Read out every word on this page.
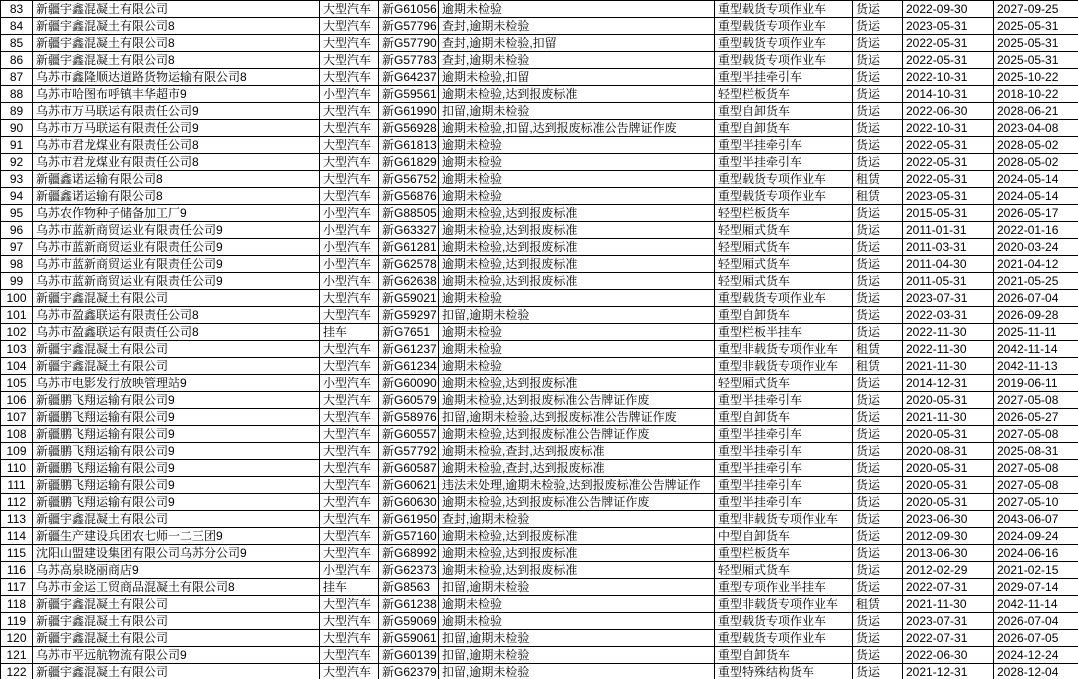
83	新疆宇鑫混凝土有限公司	大型汽车	新G61056	逾期未检验	重型载货专项作业车	货运	2022-09-30	2027-09-25
84	新疆宇鑫混凝土有限公司8	大型汽车	新G57796	查封,逾期未检验	重型载货专项作业车	货运	2023-05-31	2025-05-31
85	新疆宇鑫混凝土有限公司8	大型汽车	新G57790	查封,逾期未检验,扣留	重型载货专项作业车	货运	2022-05-31	2025-05-31
86	新疆宇鑫混凝土有限公司8	大型汽车	新G57783	查封,逾期未检验	重型载货专项作业车	货运	2022-05-31	2025-05-31
87	乌苏市鑫隆顺达道路货物运输有限公司8	大型汽车	新G64237	逾期未检验,扣留	重型半挂牵引车	货运	2022-10-31	2025-10-22
88	乌苏市哈图布呼镇丰华超市9	小型汽车	新G59561	逾期未检验,达到报废标准	轻型栏板货车	货运	2014-10-31	2018-10-22
89	乌苏市万马联运有限责任公司9	大型汽车	新G61990	扣留,逾期未检验	重型自卸货车	货运	2022-06-30	2028-06-21
90	乌苏市万马联运有限责任公司9	大型汽车	新G56928	逾期未检验,扣留,达到报废标准公告牌证作废	重型自卸货车	货运	2022-10-31	2023-04-08
91	乌苏市君龙煤业有限责任公司8	大型汽车	新G61813	逾期未检验	重型半挂牵引车	货运	2022-05-31	2028-05-02
92	乌苏市君龙煤业有限责任公司8	大型汽车	新G61829	逾期未检验	重型半挂牵引车	货运	2022-05-31	2028-05-02
93	新疆鑫诺运输有限公司8	大型汽车	新G56752	逾期未检验	重型载货专项作业车	租赁	2022-05-31	2024-05-14
94	新疆鑫诺运输有限公司8	大型汽车	新G56876	逾期未检验	重型载货专项作业车	租赁	2023-05-31	2024-05-14
95	乌苏农作物种子储备加工厂9	小型汽车	新G88505	逾期未检验,达到报废标准	轻型栏板货车	货运	2015-05-31	2026-05-17
96	乌苏市蓝新商贸运业有限责任公司9	小型汽车	新G63327	逾期未检验,达到报废标准	轻型厢式货车	货运	2011-01-31	2022-01-16
97	乌苏市蓝新商贸运业有限责任公司9	小型汽车	新G61281	逾期未检验,达到报废标准	轻型厢式货车	货运	2011-03-31	2020-03-24
98	乌苏市蓝新商贸运业有限责任公司9	小型汽车	新G62578	逾期未检验,达到报废标准	轻型厢式货车	货运	2011-04-30	2021-04-12
99	乌苏市蓝新商贸运业有限责任公司9	小型汽车	新G62638	逾期未检验,达到报废标准	轻型厢式货车	货运	2011-05-31	2021-05-25
100	新疆宇鑫混凝土有限公司	大型汽车	新G59021	逾期未检验	重型载货专项作业车	货运	2023-07-31	2026-07-04
101	乌苏市盈鑫联运有限责任公司8	大型汽车	新G59297	扣留,逾期未检验	重型自卸货车	货运	2022-03-31	2026-09-28
102	乌苏市盈鑫联运有限责任公司8	挂车	新G7651	逾期未检验	重型栏板半挂车	货运	2022-11-30	2025-11-11
103	新疆宇鑫混凝土有限公司	大型汽车	新G61237	逾期未检验	重型非载货专项作业车	租赁	2022-11-30	2042-11-14
104	新疆宇鑫混凝土有限公司	大型汽车	新G61234	逾期未检验	重型非载货专项作业车	租赁	2021-11-30	2042-11-13
105	乌苏市电影发行放映管理站9	小型汽车	新G60090	逾期未检验,达到报废标准	轻型厢式货车	货运	2014-12-31	2019-06-11
106	新疆鹏飞翔运输有限公司9	大型汽车	新G60579	逾期未检验,达到报废标准公告牌证作废	重型半挂牵引车	货运	2020-05-31	2027-05-08
107	新疆鹏飞翔运输有限公司9	大型汽车	新G58976	扣留,逾期未检验,达到报废标准公告牌证作废	重型自卸货车	货运	2021-11-30	2026-05-27
108	新疆鹏飞翔运输有限公司9	大型汽车	新G60557	逾期未检验,达到报废标准公告牌证作废	重型半挂牵引车	货运	2020-05-31	2027-05-08
109	新疆鹏飞翔运输有限公司9	大型汽车	新G57792	逾期未检验,查封,达到报废标准	重型半挂牵引车	货运	2020-08-31	2025-08-31
110	新疆鹏飞翔运输有限公司9	大型汽车	新G60587	逾期未检验,查封,达到报废标准	重型半挂牵引车	货运	2020-05-31	2027-05-08
111	新疆鹏飞翔运输有限公司9	大型汽车	新G60621	违法未处理,逾期未检验,达到报废标准公告牌证作	重型半挂牵引车	货运	2020-05-31	2027-05-08
112	新疆鹏飞翔运输有限公司9	大型汽车	新G60630	逾期未检验,达到报废标准公告牌证作废	重型半挂牵引车	货运	2020-05-31	2027-05-10
113	新疆宇鑫混凝土有限公司	大型汽车	新G61950	查封,逾期未检验	重型非载货专项作业车	货运	2023-06-30	2043-06-07
114	新疆生产建设兵团农七师一二三团9	大型汽车	新G57160	逾期未检验,达到报废标准	中型自卸货车	货运	2012-09-30	2024-09-24
115	沈阳山盟建设集团有限公司乌苏分公司9	大型汽车	新G68992	逾期未检验,达到报废标准	重型栏板货车	货运	2013-06-30	2024-06-16
116	乌苏高泉晓丽商店9	小型汽车	新G62373	逾期未检验,达到报废标准	轻型厢式货车	货运	2012-02-29	2021-02-15
117	乌苏市金运工贸商品混凝土有限公司8	挂车	新G8563	扣留,逾期未检验	重型专项作业半挂车	货运	2022-07-31	2029-07-14
118	新疆宇鑫混凝土有限公司	大型汽车	新G61238	逾期未检验	重型非载货专项作业车	租赁	2021-11-30	2042-11-14
119	新疆宇鑫混凝土有限公司	大型汽车	新G59069	逾期未检验	重型载货专项作业车	货运	2023-07-31	2026-07-04
120	新疆宇鑫混凝土有限公司	大型汽车	新G59061	扣留,逾期未检验	重型载货专项作业车	货运	2022-07-31	2026-07-05
121	乌苏市平远航物流有限公司9	大型汽车	新G60139	扣留,逾期未检验	重型自卸货车	货运	2022-06-30	2024-12-24
122	新疆宇鑫混凝土有限公司	大型汽车	新G62379	扣留,逾期未检验	重型特殊结构货车	货运	2021-12-31	2028-12-04
